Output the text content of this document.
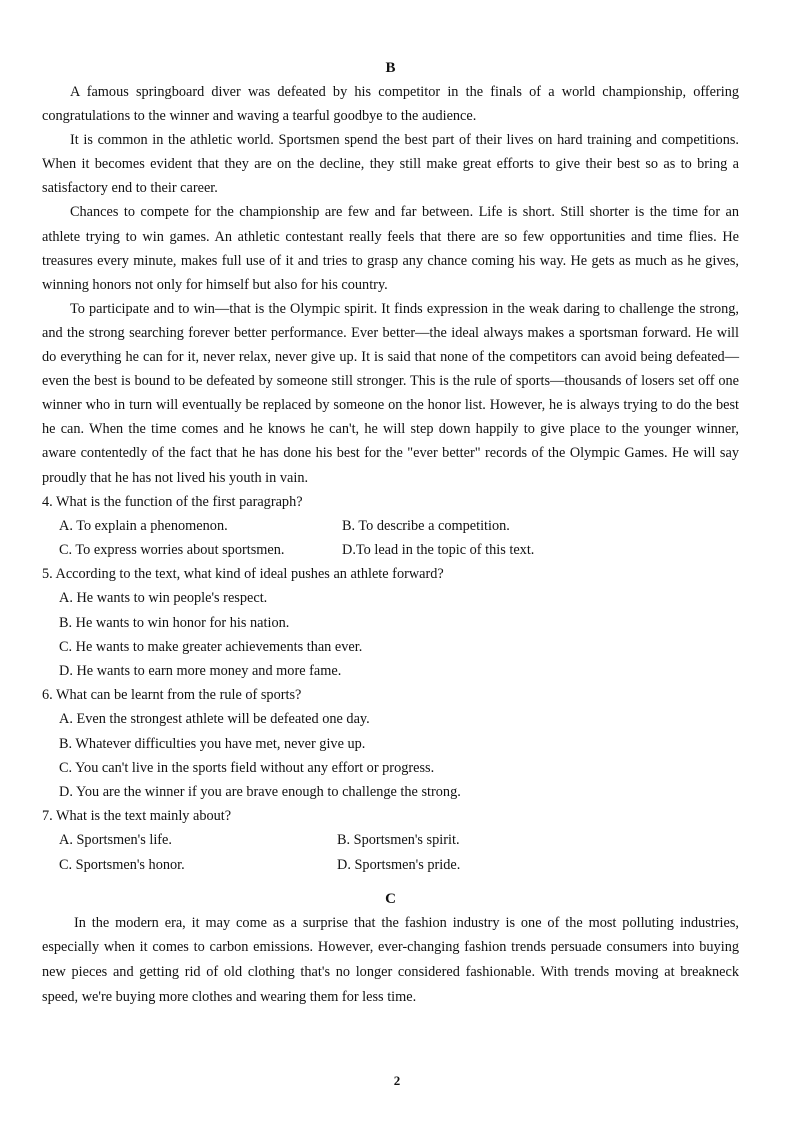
B

A famous springboard diver was defeated by his competitor in the finals of a world championship, offering congratulations to the winner and waving a tearful goodbye to the audience.

It is common in the athletic world. Sportsmen spend the best part of their lives on hard training and competitions. When it becomes evident that they are on the decline, they still make great efforts to give their best so as to bring a satisfactory end to their career.

Chances to compete for the championship are few and far between. Life is short. Still shorter is the time for an athlete trying to win games. An athletic contestant really feels that there are so few opportunities and time flies. He treasures every minute, makes full use of it and tries to grasp any chance coming his way. He gets as much as he gives, winning honors not only for himself but also for his country.

To participate and to win—that is the Olympic spirit. It finds expression in the weak daring to challenge the strong, and the strong searching forever better performance. Ever better—the ideal always makes a sportsman forward. He will do everything he can for it, never relax, never give up. It is said that none of the competitors can avoid being defeated—even the best is bound to be defeated by someone still stronger. This is the rule of sports—thousands of losers set off one winner who in turn will eventually be replaced by someone on the honor list. However, he is always trying to do the best he can. When the time comes and he knows he can't, he will step down happily to give place to the younger winner, aware contentedly of the fact that he has done his best for the "ever better" records of the Olympic Games. He will say proudly that he has not lived his youth in vain.

4. What is the function of the first paragraph?

A. To explain a phenomenon.	B. To describe a competition.
C. To express worries about sportsmen.	D.To lead in the topic of this text.

5. According to the text, what kind of ideal pushes an athlete forward?

A. He wants to win people's respect.

B. He wants to win honor for his nation.

C. He wants to make greater achievements than ever.

D. He wants to earn more money and more fame.

6. What can be learnt from the rule of sports?

A. Even the strongest athlete will be defeated one day.

B. Whatever difficulties you have met, never give up.

C. You can't live in the sports field without any effort or progress.

D. You are the winner if you are brave enough to challenge the strong.

7. What is the text mainly about?

A. Sportsmen's life.	B. Sportsmen's spirit.
C. Sportsmen's honor.	D. Sportsmen's pride.
C

In the modern era, it may come as a surprise that the fashion industry is one of the most polluting industries, especially when it comes to carbon emissions. However, ever-changing fashion trends persuade consumers into buying new pieces and getting rid of old clothing that's no longer considered fashionable. With trends moving at breakneck speed, we're buying more clothes and wearing them for less time.

2
